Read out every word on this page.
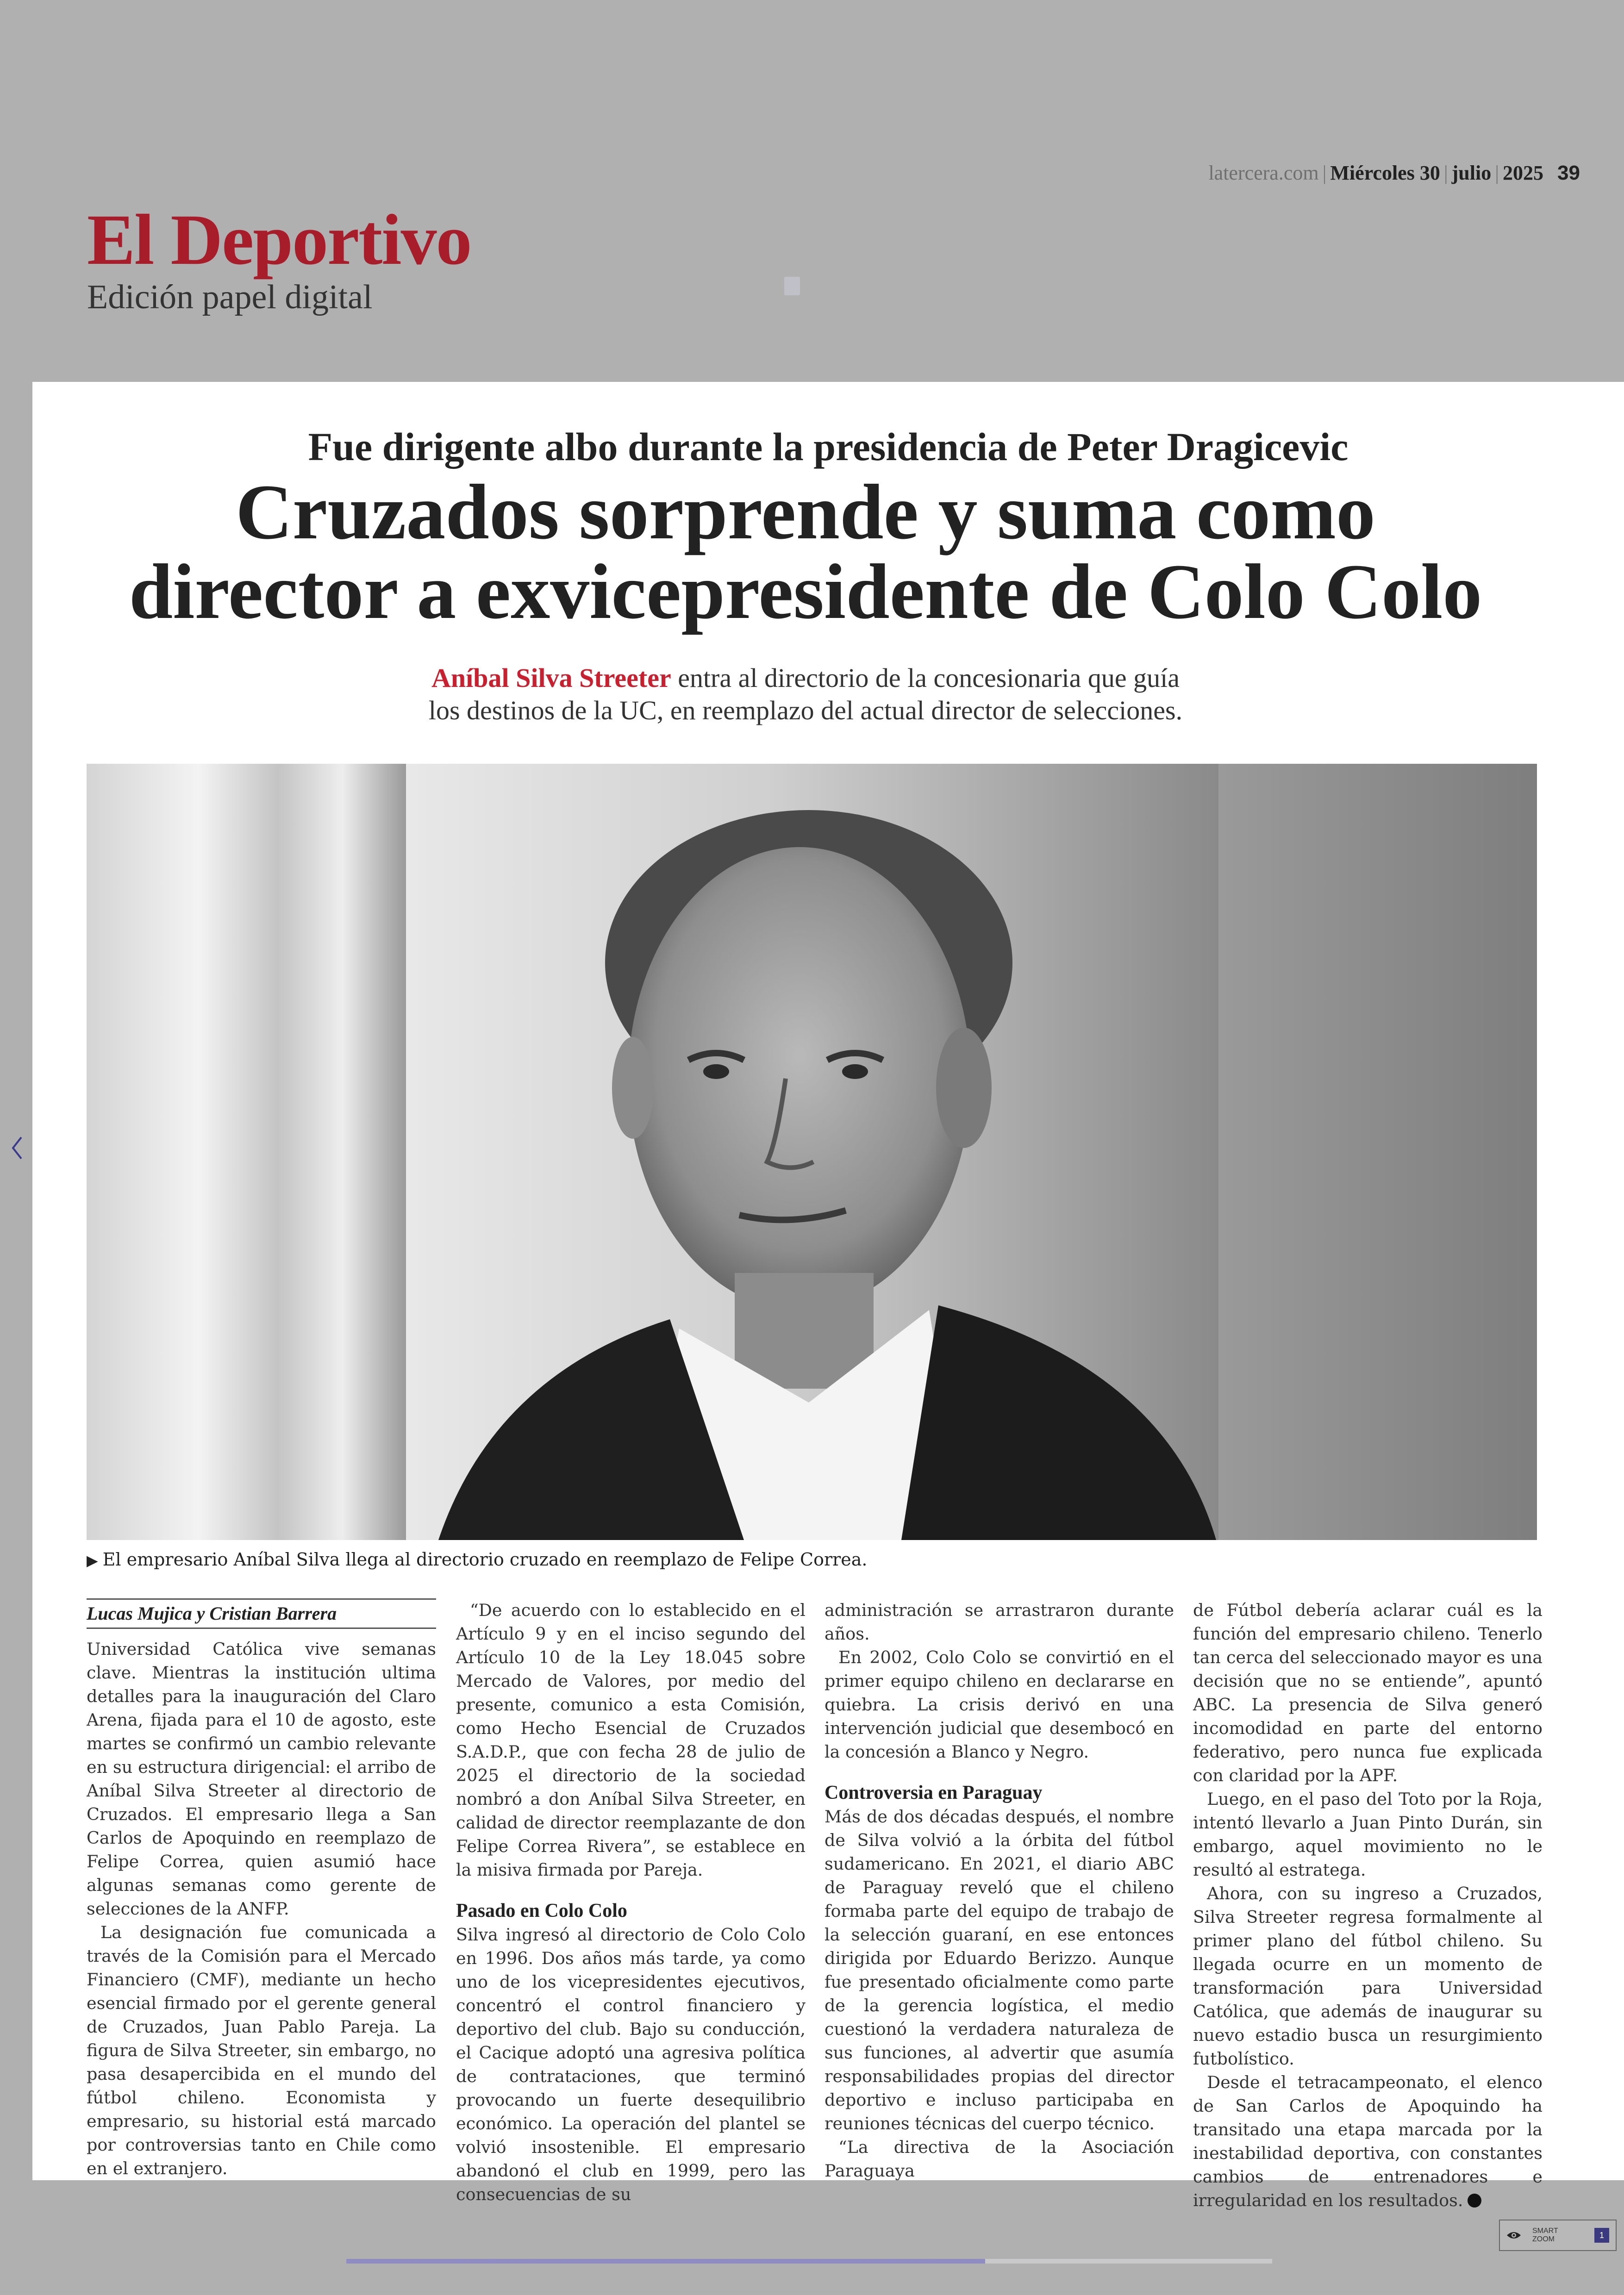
latercera.com | Miércoles 30 | julio | 2025 39
El Deportivo
Edición papel digital
Fue dirigente albo durante la presidencia de Peter Dragicevic
Cruzados sorprende y suma como
director a exvicepresidente de Colo Colo
Aníbal Silva Streeter entra al directorio de la concesionaria que guía
los destinos de la UC, en reemplazo del actual director de selecciones.
▶ El empresario Aníbal Silva llega al directorio cruzado en reemplazo de Felipe Correa.
Lucas Mujica y Cristian Barrera

Universidad Católica vive semanas clave. Mientras la institución ultima detalles para la inauguración del Claro Arena, fijada para el 10 de agosto, este martes se confirmó un cambio relevante en su estructura dirigencial: el arribo de Aníbal Silva Streeter al directorio de Cruzados. El empresario llega a San Carlos de Apoquindo en reemplazo de Felipe Correa, quien asumió hace algunas semanas como gerente de selecciones de la ANFP.

La designación fue comunicada a través de la Comisión para el Mercado Financiero (CMF), mediante un hecho esencial firmado por el gerente general de Cruzados, Juan Pablo Pareja. La figura de Silva Streeter, sin embargo, no pasa desapercibida en el mundo del fútbol chileno. Economista y empresario, su historial está marcado por controversias tanto en Chile como en el extranjero.

“De acuerdo con lo establecido en el Artículo 9 y en el inciso segundo del Artículo 10 de la Ley 18.045 sobre Mercado de Valores, por medio del presente, comunico a esta Comisión, como Hecho Esencial de Cruzados S.A.D.P., que con fecha 28 de julio de 2025 el directorio de la sociedad nombró a don Aníbal Silva Streeter, en calidad de director reemplazante de don Felipe Correa Rivera”, se establece en la misiva firmada por Pareja.

Pasado en Colo Colo

Silva ingresó al directorio de Colo Colo en 1996. Dos años más tarde, ya como uno de los vicepresidentes ejecutivos, concentró el control financiero y deportivo del club. Bajo su conducción, el Cacique adoptó una agresiva política de contrataciones, que terminó provocando un fuerte desequilibrio económico. La operación del plantel se volvió insostenible. El empresario abandonó el club en 1999, pero las consecuencias de su

administración se arrastraron durante años.

En 2002, Colo Colo se convirtió en el primer equipo chileno en declararse en quiebra. La crisis derivó en una intervención judicial que desembocó en la concesión a Blanco y Negro.

Controversia en Paraguay

Más de dos décadas después, el nombre de Silva volvió a la órbita del fútbol sudamericano. En 2021, el diario ABC de Paraguay reveló que el chileno formaba parte del equipo de trabajo de la selección guaraní, en ese entonces dirigida por Eduardo Berizzo. Aunque fue presentado oficialmente como parte de la gerencia logística, el medio cuestionó la verdadera naturaleza de sus funciones, al advertir que asumía responsabilidades propias del director deportivo e incluso participaba en reuniones técnicas del cuerpo técnico.

“La directiva de la Asociación Paraguaya

de Fútbol debería aclarar cuál es la función del empresario chileno. Tenerlo tan cerca del seleccionado mayor es una decisión que no se entiende”, apuntó ABC. La presencia de Silva generó incomodidad en parte del entorno federativo, pero nunca fue explicada con claridad por la APF.

Luego, en el paso del Toto por la Roja, intentó llevarlo a Juan Pinto Durán, sin embargo, aquel movimiento no le resultó al estratega.

Ahora, con su ingreso a Cruzados, Silva Streeter regresa formalmente al primer plano del fútbol chileno. Su llegada ocurre en un momento de transformación para Universidad Católica, que además de inaugurar su nuevo estadio busca un resurgimiento futbolístico.

Desde el tetracampeonato, el elenco de San Carlos de Apoquindo ha transitado una etapa marcada por la inestabilidad deportiva, con constantes cambios de entrenadores e irregularidad en los resultados.

SMART
ZOOM	1
